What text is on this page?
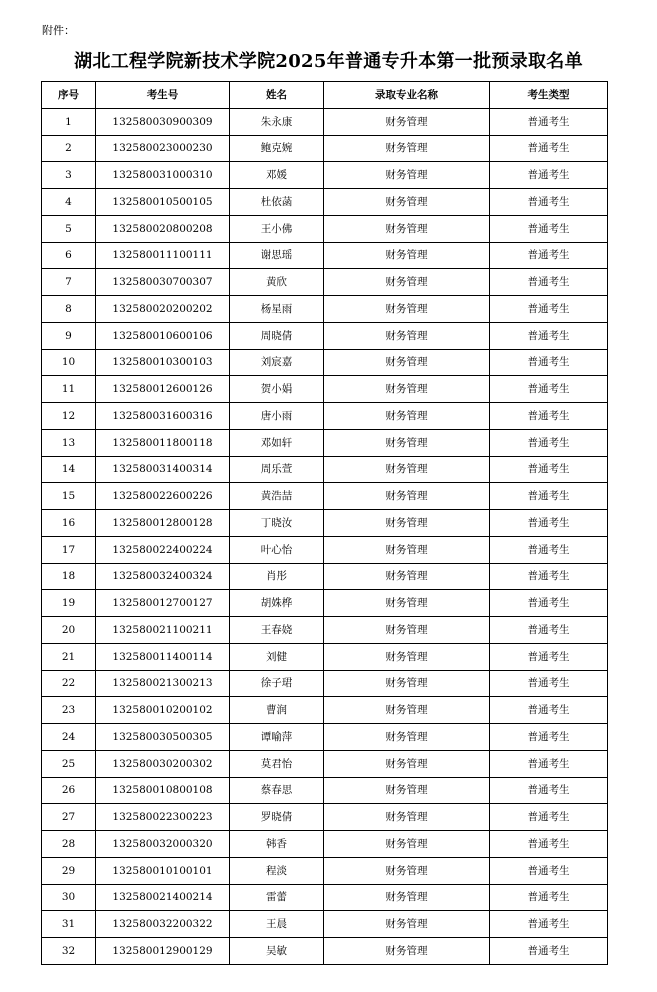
附件：
湖北工程学院新技术学院2025年普通专升本第一批预录取名单
序号	考生号	姓名	录取专业名称	考生类型
1	132580030900309	朱永康	财务管理	普通考生
2	132580023000230	鲍克婉	财务管理	普通考生
3	132580031000310	邓媛	财务管理	普通考生
4	132580010500105	杜依菡	财务管理	普通考生
5	132580020800208	王小佛	财务管理	普通考生
6	132580011100111	谢思瑶	财务管理	普通考生
7	132580030700307	黄欣	财务管理	普通考生
8	132580020200202	杨星雨	财务管理	普通考生
9	132580010600106	周晓倩	财务管理	普通考生
10	132580010300103	刘宸嘉	财务管理	普通考生
11	132580012600126	贺小娟	财务管理	普通考生
12	132580031600316	唐小雨	财务管理	普通考生
13	132580011800118	邓如轩	财务管理	普通考生
14	132580031400314	周乐萱	财务管理	普通考生
15	132580022600226	黄浩喆	财务管理	普通考生
16	132580012800128	丁晓汝	财务管理	普通考生
17	132580022400224	叶心怡	财务管理	普通考生
18	132580032400324	肖彤	财务管理	普通考生
19	132580012700127	胡姝桦	财务管理	普通考生
20	132580021100211	王春娆	财务管理	普通考生
21	132580011400114	刘健	财务管理	普通考生
22	132580021300213	徐子珺	财务管理	普通考生
23	132580010200102	曹润	财务管理	普通考生
24	132580030500305	谭喻萍	财务管理	普通考生
25	132580030200302	莫君怡	财务管理	普通考生
26	132580010800108	蔡春思	财务管理	普通考生
27	132580022300223	罗晓倩	财务管理	普通考生
28	132580032000320	韩香	财务管理	普通考生
29	132580010100101	程淡	财务管理	普通考生
30	132580021400214	雷蕾	财务管理	普通考生
31	132580032200322	王晨	财务管理	普通考生
32	132580012900129	吴敏	财务管理	普通考生
